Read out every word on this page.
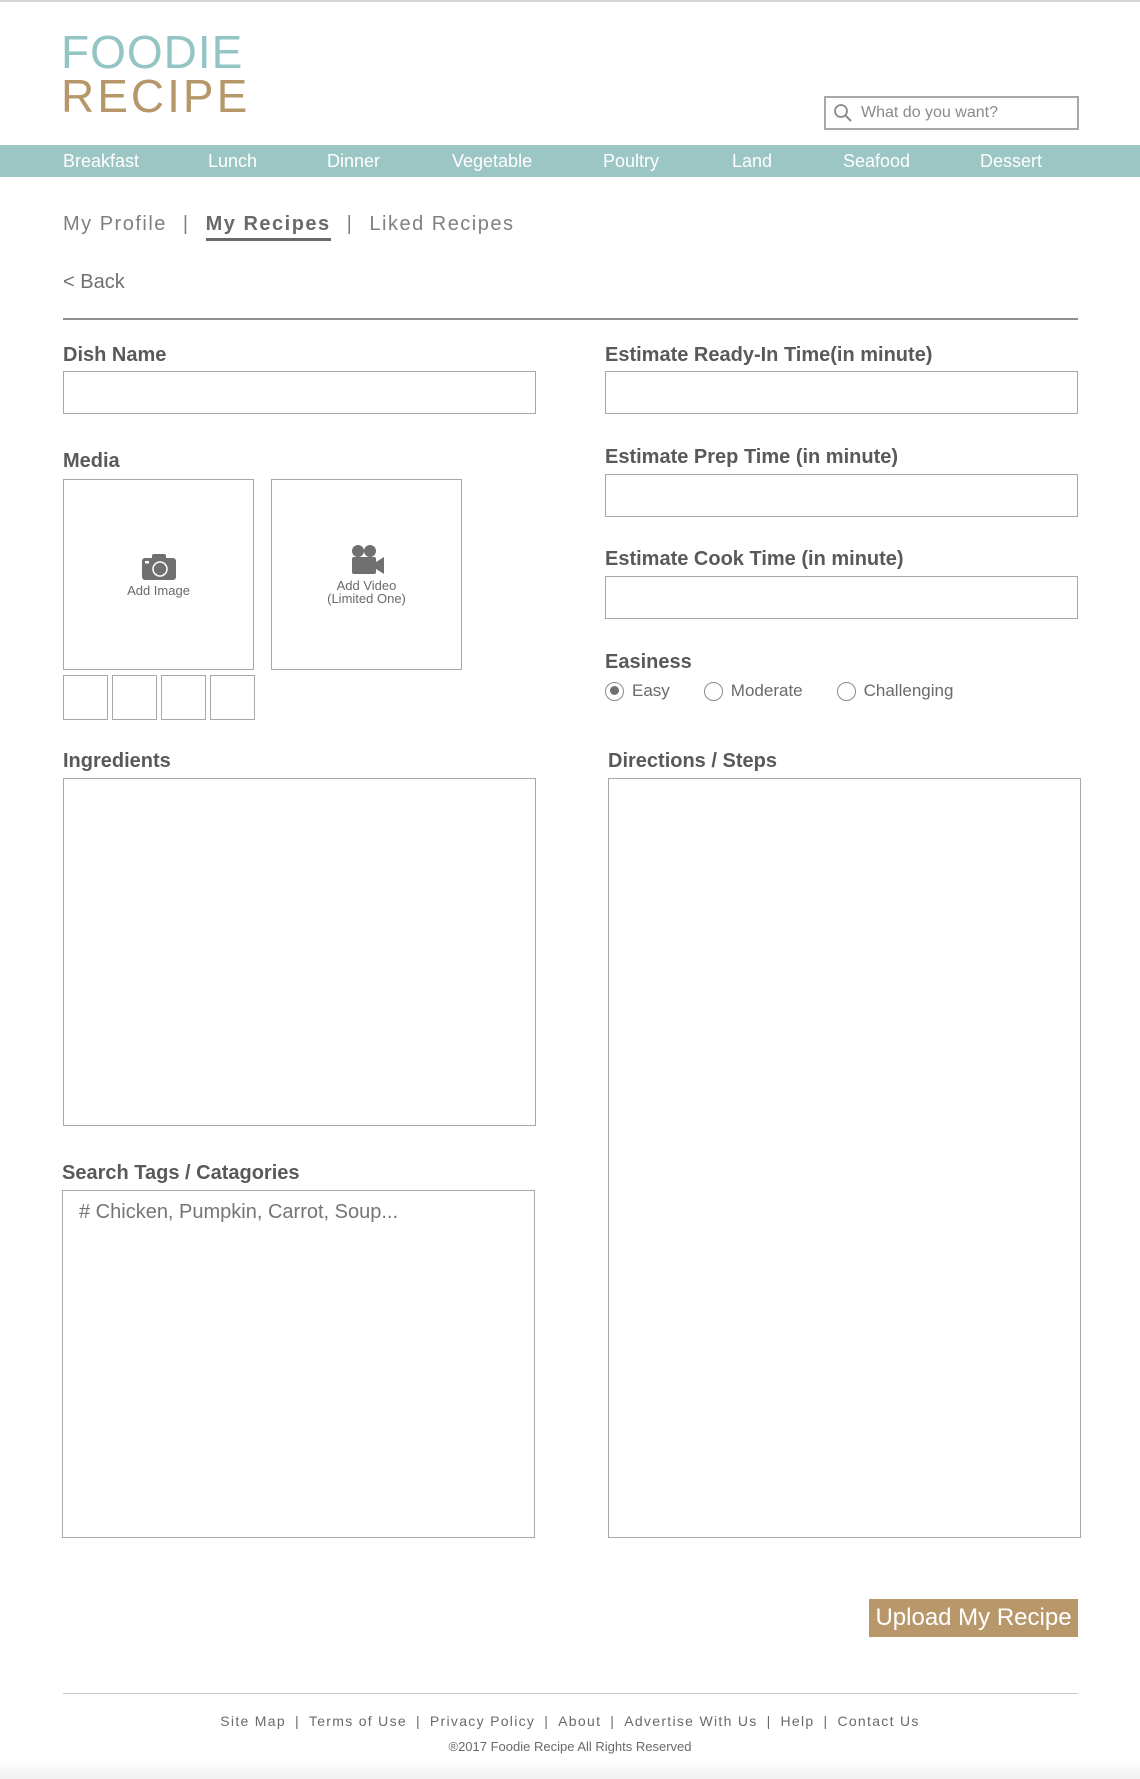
FOODIE
RECIPE
What do you want?
Breakfast	Lunch	Dinner	Vegetable	Poultry	Land	Seafood	Dessert
My Profile | My Recipes | Liked Recipes
< Back
Dish Name
Media
Add Image	Add Video
(Limited One)
Ingredients
Search Tags / Catagories
# Chicken, Pumpkin, Carrot, Soup...
Estimate Ready-In Time(in minute)
Estimate Prep Time (in minute)
Estimate Cook Time (in minute)
Easiness
Easy	Moderate	Challenging
Directions / Steps
Upload My Recipe
Site Map | Terms of Use | Privacy Policy | About | Advertise With Us | Help | Contact Us
®2017 Foodie Recipe All Rights Reserved
